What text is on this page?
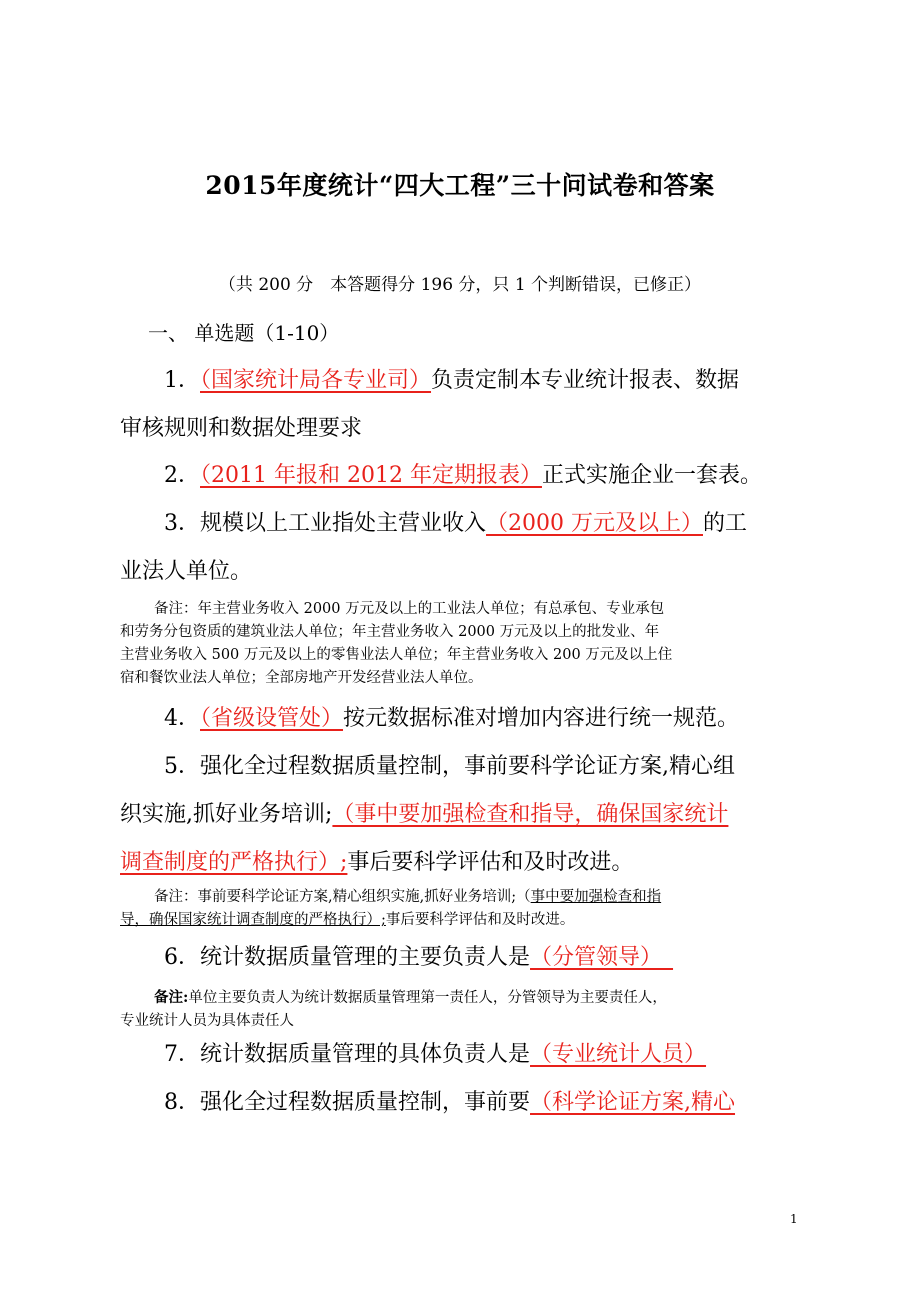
2015年度统计“四大工程”三十问试卷和答案
（共 200 分　本答题得分 196 分，只 1 个判断错误，已修正）
一、 单选题（1-10）
1．（国家统计局各专业司）负责定制本专业统计报表、数据
审核规则和数据处理要求
2．（2011 年报和 2012 年定期报表）正式实施企业一套表。
3．规模以上工业指处主营业收入（2000 万元及以上）的工
业法人单位。
备注：年主营业务收入 2000 万元及以上的工业法人单位；有总承包、专业承包
和劳务分包资质的建筑业法人单位；年主营业务收入 2000 万元及以上的批发业、年
主营业务收入 500 万元及以上的零售业法人单位；年主营业务收入 200 万元及以上住
宿和餐饮业法人单位；全部房地产开发经营业法人单位。
4．（省级设管处）按元数据标准对增加内容进行统一规范。
5．强化全过程数据质量控制，事前要科学论证方案,精心组
织实施,抓好业务培训;（事中要加强检查和指导，确保国家统计
调查制度的严格执行）;事后要科学评估和及时改进。
备注：事前要科学论证方案,精心组织实施,抓好业务培训;（事中要加强检查和指
导，确保国家统计调查制度的严格执行）;事后要科学评估和及时改进。
6．统计数据质量管理的主要负责人是（分管领导）　
备注:单位主要负责人为统计数据质量管理第一责任人，分管领导为主要责任人，
专业统计人员为具体责任人
7．统计数据质量管理的具体负责人是（专业统计人员）
8．强化全过程数据质量控制，事前要（科学论证方案,精心
1
